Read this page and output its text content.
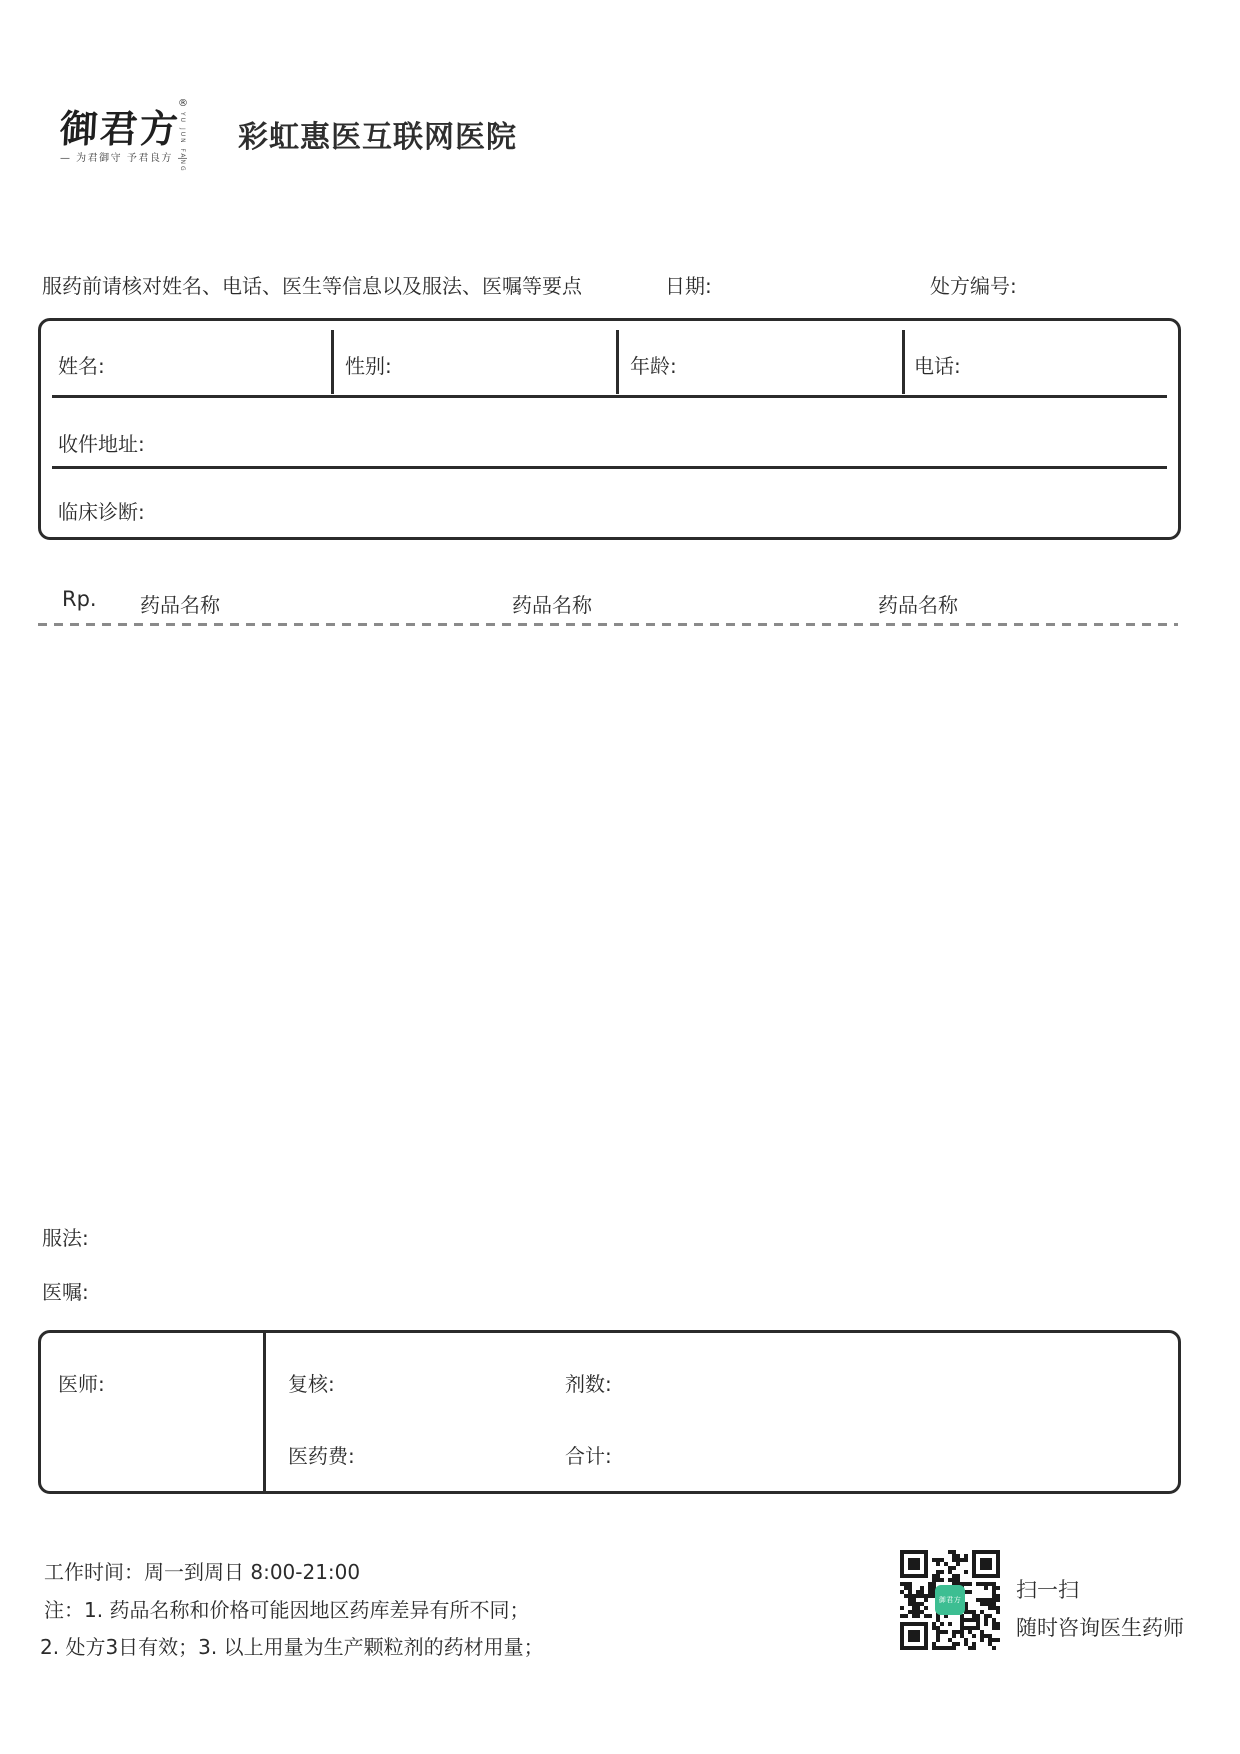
御君方
®
YU JUN FANG
— 为君御守 予君良方 —
彩虹惠医互联网医院
服药前请核对姓名、电话、医生等信息以及服法、医嘱等要点	日期:	处方编号:
姓名:	性别:	年龄:	电话:
收件地址:
临床诊断:
Rp. 药品名称	药品名称	药品名称
服法:
医嘱:
医师:	复核:	剂数:
医药费:	合计:
工作时间：周一到周日 8:00-21:00
注：1. 药品名称和价格可能因地区药库差异有所不同；
2. 处方3日有效；3. 以上用量为生产颗粒剂的药材用量；
御君方	扫一扫
随时咨询医生药师
